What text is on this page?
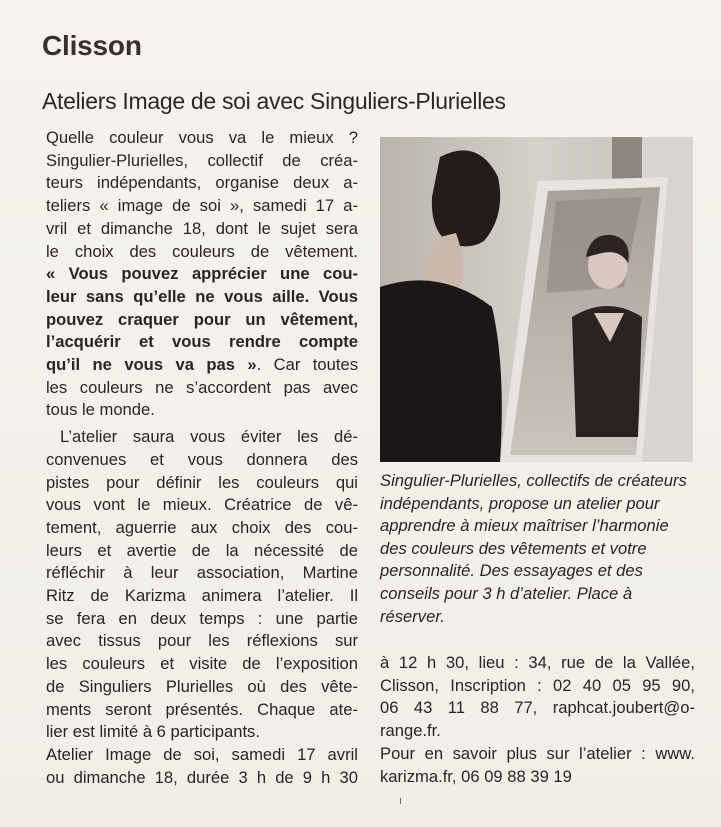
Clisson
Ateliers Image de soi avec Singuliers-Plurielles

Quelle couleur vous va le mieux ?
Singulier-Plurielles, collectif de créa-
teurs indépendants, organise deux a-
teliers « image de soi », samedi 17 a-
vril et dimanche 18, dont le sujet sera
le choix des couleurs de vêtement.
« Vous pouvez apprécier une cou-
leur sans qu’elle ne vous aille. Vous
pouvez craquer pour un vêtement,
l’acquérir et vous rendre compte
qu’il ne vous va pas ». Car toutes
les couleurs ne s’accordent pas avec
tous le monde.

L’atelier saura vous éviter les dé-
convenues et vous donnera des
pistes pour définir les couleurs qui
vous vont le mieux. Créatrice de vê-
tement, aguerrie aux choix des cou-
leurs et avertie de la nécessité de
réfléchir à leur association, Martine
Ritz de Karizma animera l’atelier. Il
se fera en deux temps : une partie
avec tissus pour les réflexions sur
les couleurs et visite de l’exposition
de Singuliers Plurielles où des vête-
ments seront présentés. Chaque ate-
lier est limité à 6 participants.

Atelier Image de soi, samedi 17 avril
ou dimanche 18, durée 3 h de 9 h 30

Singulier-Plurielles, collectifs de créateurs indépendants, propose un atelier pour apprendre à mieux maîtriser l’harmonie des couleurs des vêtements et votre personnalité. Des essayages et des conseils pour 3 h d’atelier. Place à réserver.

à 12 h 30, lieu : 34, rue de la Vallée,
Clisson, Inscription : 02 40 05 95 90,
06 43 11 88 77, raphcat.joubert@o-
range.fr.

Pour en savoir plus sur l’atelier : www.
karizma.fr, 06 09 88 39 19
